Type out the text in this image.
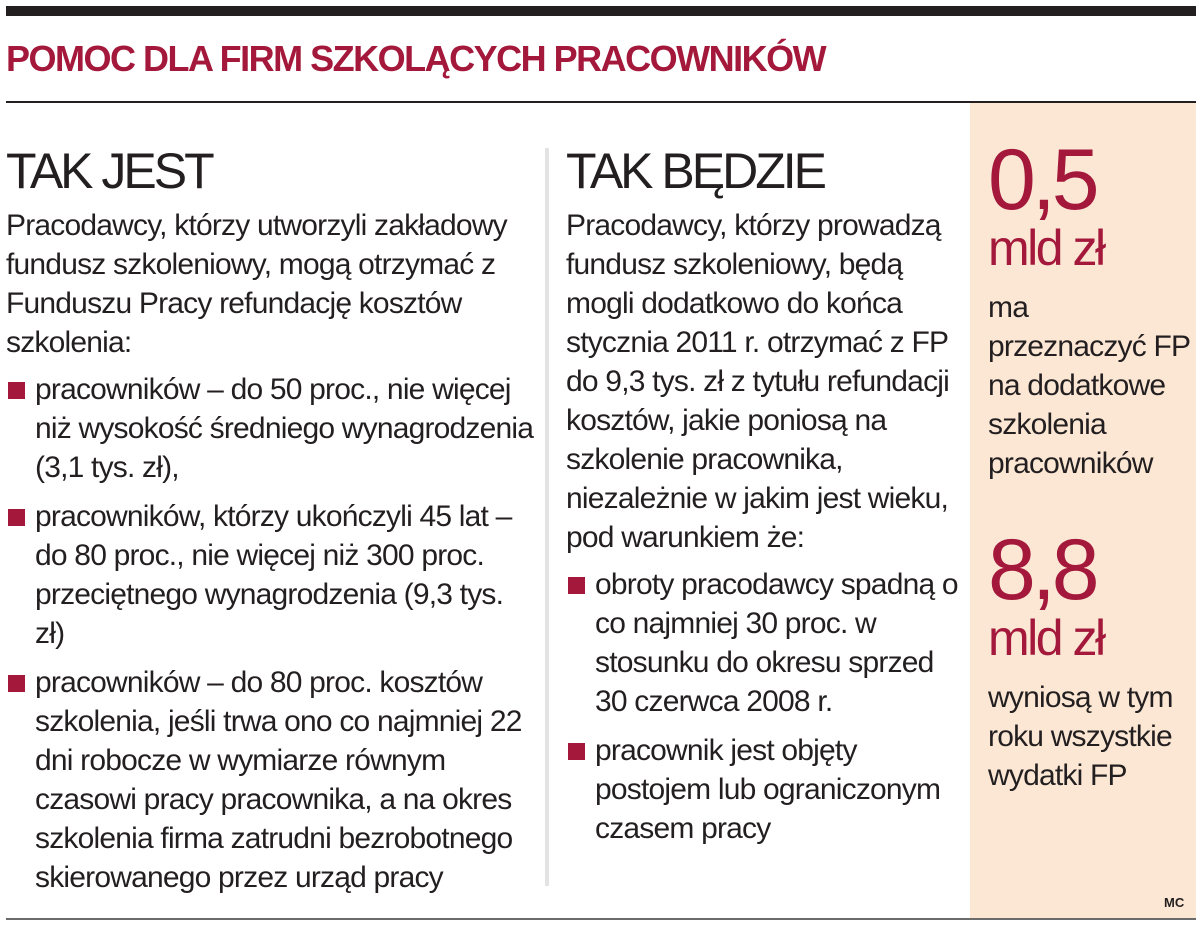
POMOC DLA FIRM SZKOLĄCYCH PRACOWNIKÓW
TAK JEST

Pracodawcy, którzy utworzyli zakładowy fundusz szkoleniowy, mogą otrzymać z Funduszu Pracy refundację kosztów szkolenia:

pracowników – do 50 proc., nie więcej niż wysokość średniego wynagrodzenia (3,1 tys. zł),
pracowników, którzy ukończyli 45 lat – do 80 proc., nie więcej niż 300 proc. przeciętnego wynagrodzenia (9,3 tys. zł)
pracowników – do 80 proc. kosztów szkolenia, jeśli trwa ono co najmniej 22 dni robocze w wymiarze równym czasowi pracy pracownika, a na okres szkolenia firma zatrudni bezrobotnego skierowanego przez urząd pracy
TAK BĘDZIE

Pracodawcy, którzy prowadzą fundusz szkoleniowy, będą mogli dodatkowo do końca stycznia 2011 r. otrzymać z FP do 9,3 tys. zł z tytułu refundacji kosztów, jakie poniosą na szkolenie pracownika, niezależnie w jakim jest wieku, pod warunkiem że:

obroty pracodawcy spadną o co najmniej 30 proc. w stosunku do okresu sprzed 30 czerwca 2008 r.
pracownik jest objęty postojem lub ograniczonym czasem pracy
0,5
mld zł

ma przeznaczyć FP na dodatkowe szkolenia pracowników

8,8
mld zł

wyniosą w tym roku wszystkie wydatki FP

MC
